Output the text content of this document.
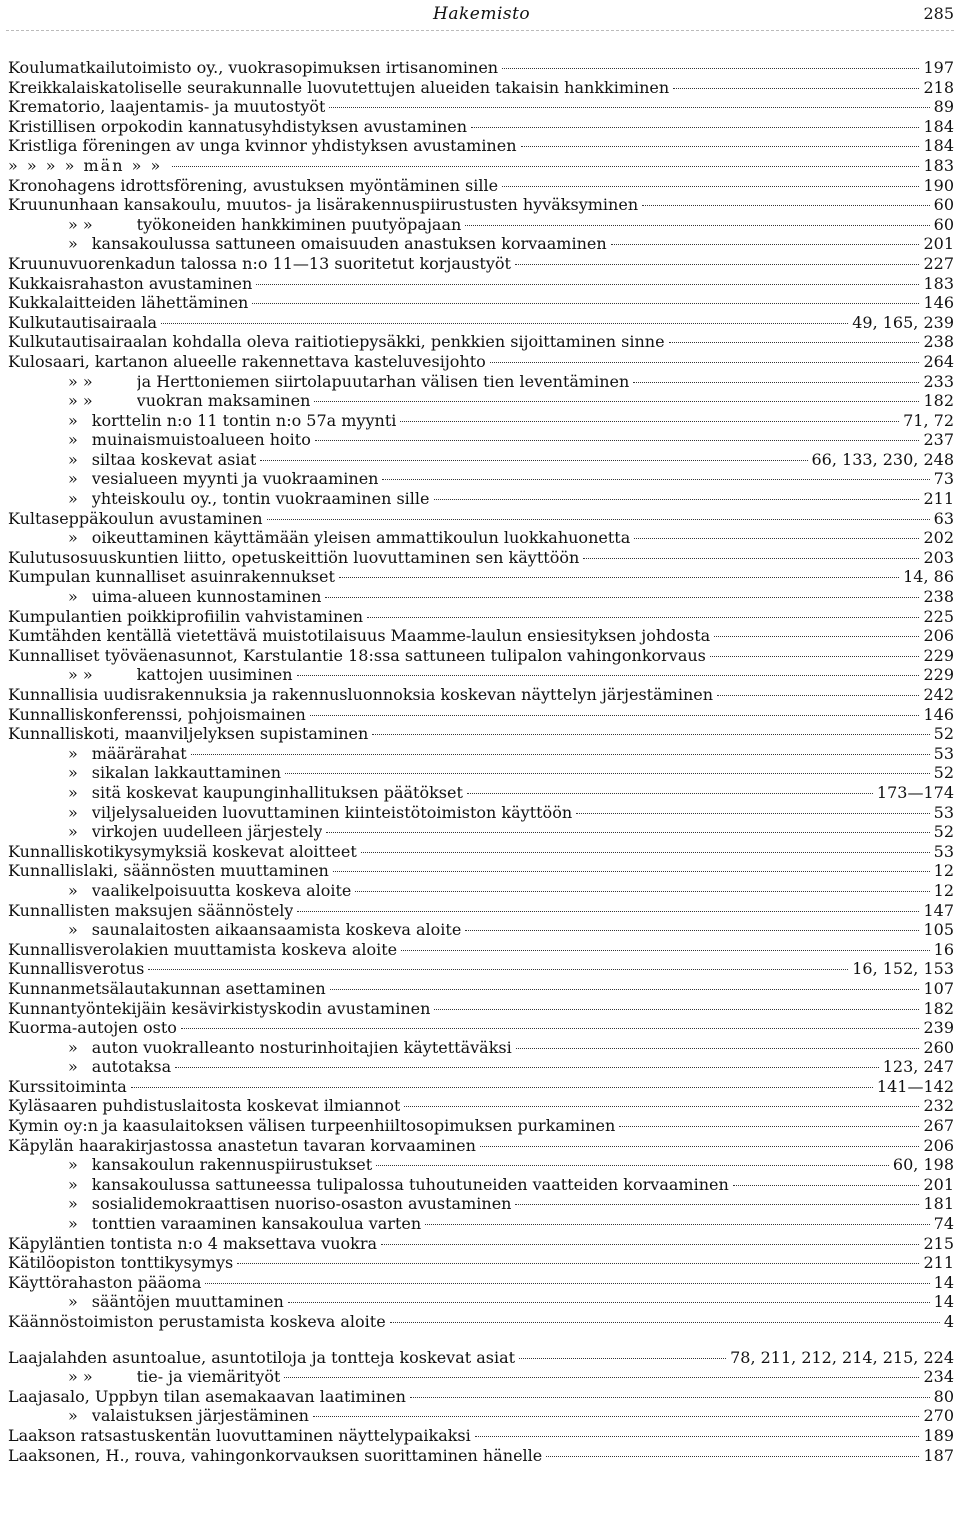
Hakemisto	285
Koulumatkailutoimisto oy., vuokrasopimuksen irtisanominen	197
Kreikkalaiskatoliselle seurakunnalle luovutettujen alueiden takaisin hankkiminen	218
Krematorio, laajentamis- ja muutostyöt	89
Kristillisen orpokodin kannatusyhdistyksen avustaminen	184
Kristliga föreningen av unga kvinnor yhdistyksen avustaminen	184
» » » » män » »	183
Kronohagens idrottsförening, avustuksen myöntäminen sille	190
Kruununhaan kansakoulu, muutos- ja lisärakennuspiirustusten hyväksyminen	60
» »	työkoneiden hankkiminen puutyöpajaan	60
» kansakoulussa sattuneen omaisuuden anastuksen korvaaminen	201
Kruunuvuorenkadun talossa n:o 11—13 suoritetut korjaustyöt	227
Kukkaisrahaston avustaminen	183
Kukkalaitteiden lähettäminen	146
Kulkutautisairaala	49, 165, 239
Kulkutautisairaalan kohdalla oleva raitiotiepysäkki, penkkien sijoittaminen sinne	238
Kulosaari, kartanon alueelle rakennettava kasteluvesijohto	264
» »	ja Herttoniemen siirtolapuutarhan välisen tien leventäminen	233
» »	vuokran maksaminen	182
» korttelin n:o 11 tontin n:o 57a myynti	71, 72
» muinaismuistoalueen hoito	237
» siltaa koskevat asiat	66, 133, 230, 248
» vesialueen myynti ja vuokraaminen	73
» yhteiskoulu oy., tontin vuokraaminen sille	211
Kultaseppäkoulun avustaminen	63
» oikeuttaminen käyttämään yleisen ammattikoulun luokkahuonetta	202
Kulutusosuuskuntien liitto, opetuskeittiön luovuttaminen sen käyttöön	203
Kumpulan kunnalliset asuinrakennukset	14, 86
» uima-alueen kunnostaminen	238
Kumpulantien poikkiprofiilin vahvistaminen	225
Kumtähden kentällä vietettävä muistotilaisuus Maamme-laulun ensiesityksen johdosta	206
Kunnalliset työväenasunnot, Karstulantie 18:ssa sattuneen tulipalon vahingonkorvaus	229
» »	kattojen uusiminen	229
Kunnallisia uudisrakennuksia ja rakennusluonnoksia koskevan näyttelyn järjestäminen	242
Kunnalliskonferenssi, pohjoismainen	146
Kunnalliskoti, maanviljelyksen supistaminen	52
» määrärahat	53
» sikalan lakkauttaminen	52
» sitä koskevat kaupunginhallituksen päätökset	173—174
» viljelysalueiden luovuttaminen kiinteistötoimiston käyttöön	53
» virkojen uudelleen järjestely	52
Kunnalliskotikysymyksiä koskevat aloitteet	53
Kunnallislaki, säännösten muuttaminen	12
» vaalikelpoisuutta koskeva aloite	12
Kunnallisten maksujen säännöstely	147
» saunalaitosten aikaansaamista koskeva aloite	105
Kunnallisverolakien muuttamista koskeva aloite	16
Kunnallisverotus	16, 152, 153
Kunnanmetsälautakunnan asettaminen	107
Kunnantyöntekijäin kesävirkistyskodin avustaminen	182
Kuorma-autojen osto	239
» auton vuokralleanto nosturinhoitajien käytettäväksi	260
» autotaksa	123, 247
Kurssitoiminta	141—142
Kyläsaaren puhdistuslaitosta koskevat ilmiannot	232
Kymin oy:n ja kaasulaitoksen välisen turpeenhiiltosopimuksen purkaminen	267
Käpylän haarakirjastossa anastetun tavaran korvaaminen	206
» kansakoulun rakennuspiirustukset	60, 198
» kansakoulussa sattuneessa tulipalossa tuhoutuneiden vaatteiden korvaaminen	201
» sosialidemokraattisen nuoriso-osaston avustaminen	181
» tonttien varaaminen kansakoulua varten	74
Käpyläntien tontista n:o 4 maksettava vuokra	215
Kätilöopiston tonttikysymys	211
Käyttörahaston pääoma	14
» sääntöjen muuttaminen	14
Käännöstoimiston perustamista koskeva aloite	4
Laajalahden asuntoalue, asuntotiloja ja tontteja koskevat asiat	78, 211, 212, 214, 215, 224
» »	tie- ja viemärityöt	234
Laajasalo, Uppbyn tilan asemakaavan laatiminen	80
» valaistuksen järjestäminen	270
Laakson ratsastuskentän luovuttaminen näyttelypaikaksi	189
Laaksonen, H., rouva, vahingonkorvauksen suorittaminen hänelle	187
